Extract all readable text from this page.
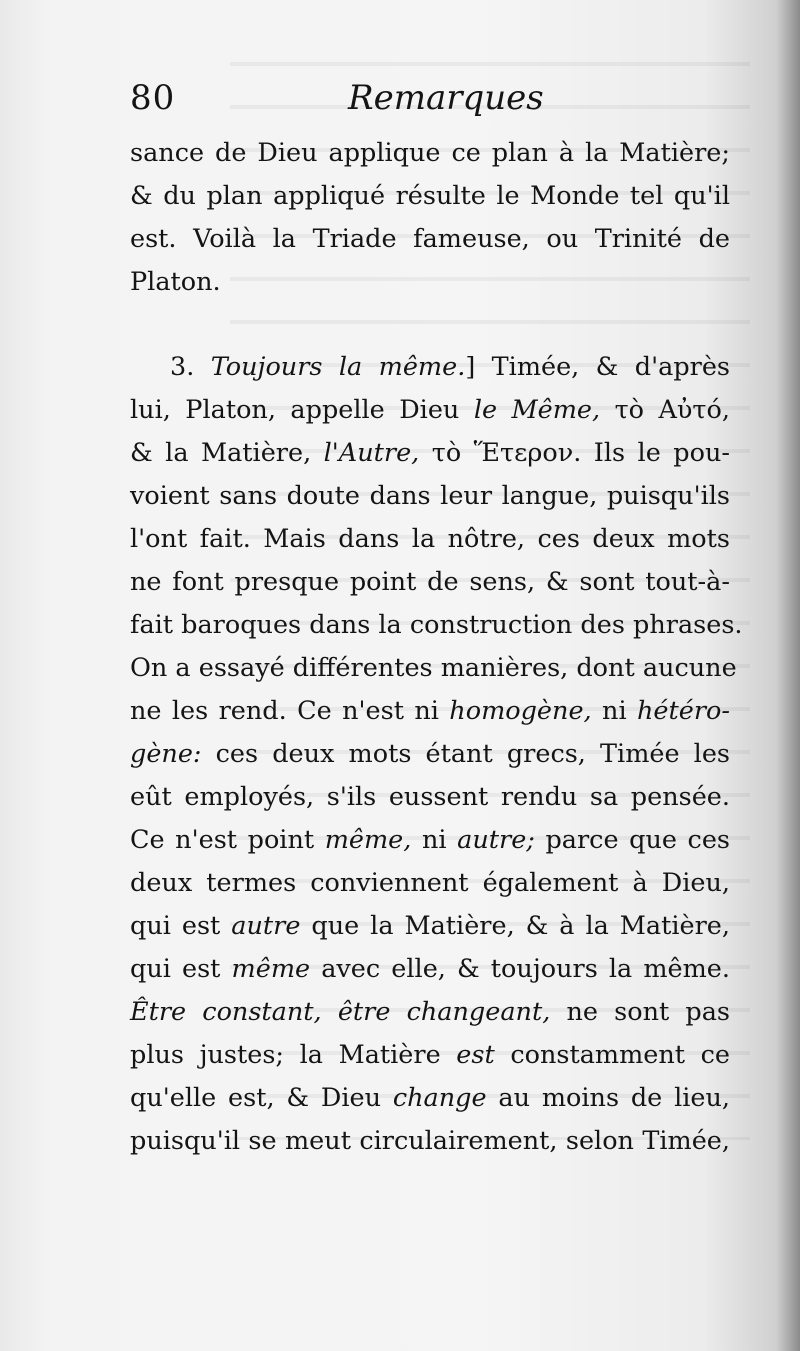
80	Remarques
sance de Dieu applique ce plan à la Matière;
& du plan appliqué résulte le Monde tel qu'il
est. Voilà la Triade fameuse, ou Trinité de
Platon.
3. Toujours la même.] Timée, & d'après
lui, Platon, appelle Dieu le Même, τὸ Αὐτό,
& la Matière, l'Autre, τὸ Ἕτερον. Ils le pou-
voient sans doute dans leur langue, puisqu'ils
l'ont fait. Mais dans la nôtre, ces deux mots
ne font presque point de sens, & sont tout-à-
fait baroques dans la construction des phrases.
On a essayé différentes manières, dont aucune
ne les rend. Ce n'est ni homogène, ni hétéro-
gène: ces deux mots étant grecs, Timée les
eût employés, s'ils eussent rendu sa pensée.
Ce n'est point même, ni autre; parce que ces
deux termes conviennent également à Dieu,
qui est autre que la Matière, & à la Matière,
qui est même avec elle, & toujours la même.
Être constant, être changeant, ne sont pas
plus justes; la Matière est constamment ce
qu'elle est, & Dieu change au moins de lieu,
puisqu'il se meut circulairement, selon Timée,
